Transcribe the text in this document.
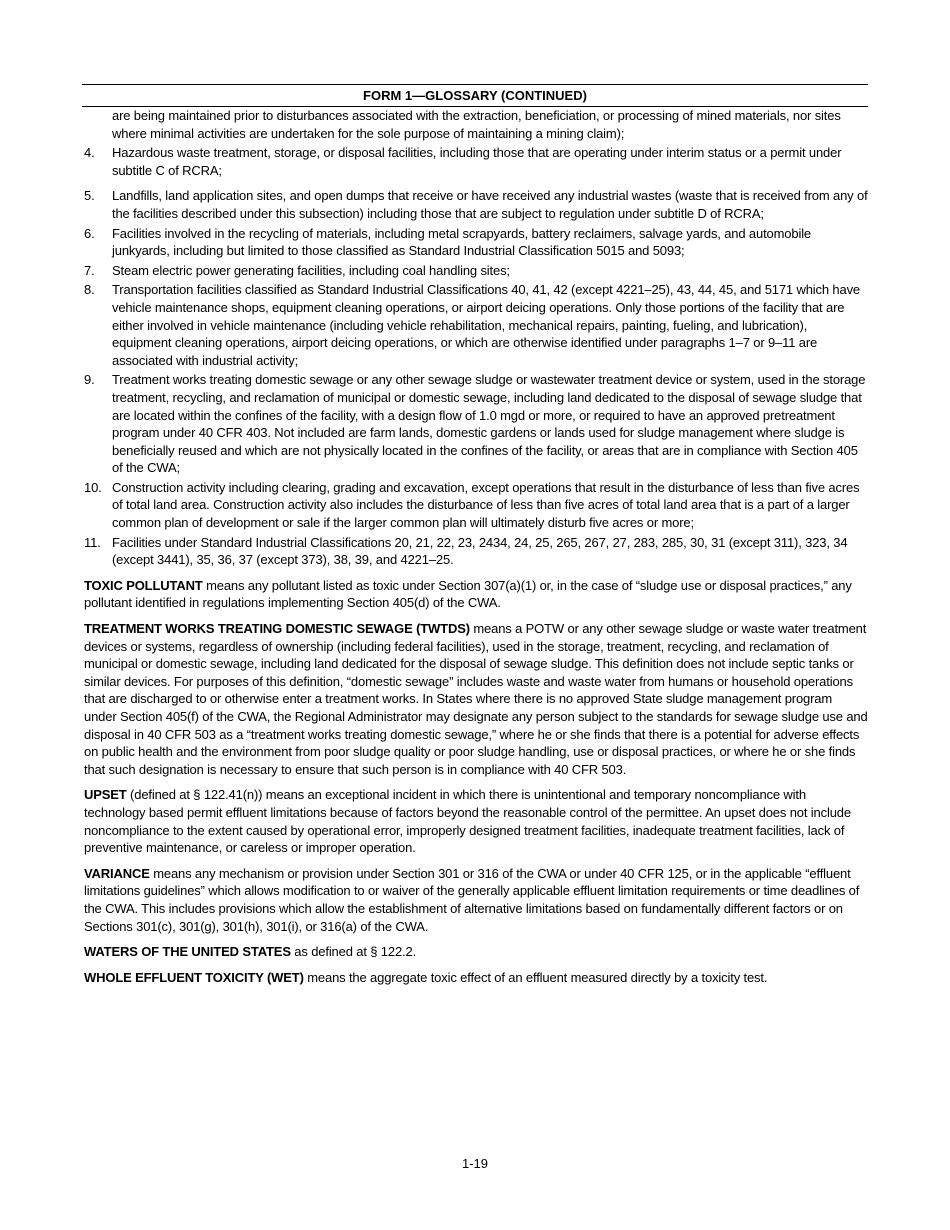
FORM 1—GLOSSARY (CONTINUED)

are being maintained prior to disturbances associated with the extraction, beneficiation, or processing of mined materials, nor sites where minimal activities are undertaken for the sole purpose of maintaining a mining claim);

4. Hazardous waste treatment, storage, or disposal facilities, including those that are operating under interim status or a permit under subtitle C of RCRA;
5. Landfills, land application sites, and open dumps that receive or have received any industrial wastes (waste that is received from any of the facilities described under this subsection) including those that are subject to regulation under subtitle D of RCRA;
6. Facilities involved in the recycling of materials, including metal scrapyards, battery reclaimers, salvage yards, and automobile junkyards, including but limited to those classified as Standard Industrial Classification 5015 and 5093;
7. Steam electric power generating facilities, including coal handling sites;
8. Transportation facilities classified as Standard Industrial Classifications 40, 41, 42 (except 4221–25), 43, 44, 45, and 5171 which have vehicle maintenance shops, equipment cleaning operations, or airport deicing operations. Only those portions of the facility that are either involved in vehicle maintenance (including vehicle rehabilitation, mechanical repairs, painting, fueling, and lubrication), equipment cleaning operations, airport deicing operations, or which are otherwise identified under paragraphs 1–7 or 9–11 are associated with industrial activity;
9. Treatment works treating domestic sewage or any other sewage sludge or wastewater treatment device or system, used in the storage treatment, recycling, and reclamation of municipal or domestic sewage, including land dedicated to the disposal of sewage sludge that are located within the confines of the facility, with a design flow of 1.0 mgd or more, or required to have an approved pretreatment program under 40 CFR 403. Not included are farm lands, domestic gardens or lands used for sludge management where sludge is beneficially reused and which are not physically located in the confines of the facility, or areas that are in compliance with Section 405 of the CWA;
10. Construction activity including clearing, grading and excavation, except operations that result in the disturbance of less than five acres of total land area. Construction activity also includes the disturbance of less than five acres of total land area that is a part of a larger common plan of development or sale if the larger common plan will ultimately disturb five acres or more;
11. Facilities under Standard Industrial Classifications 20, 21, 22, 23, 2434, 24, 25, 265, 267, 27, 283, 285, 30, 31 (except 311), 323, 34 (except 3441), 35, 36, 37 (except 373), 38, 39, and 4221–25.

TOXIC POLLUTANT means any pollutant listed as toxic under Section 307(a)(1) or, in the case of “sludge use or disposal practices,” any pollutant identified in regulations implementing Section 405(d) of the CWA.

TREATMENT WORKS TREATING DOMESTIC SEWAGE (TWTDS) means a POTW or any other sewage sludge or waste water treatment devices or systems, regardless of ownership (including federal facilities), used in the storage, treatment, recycling, and reclamation of municipal or domestic sewage, including land dedicated for the disposal of sewage sludge. This definition does not include septic tanks or similar devices. For purposes of this definition, “domestic sewage” includes waste and waste water from humans or household operations that are discharged to or otherwise enter a treatment works. In States where there is no approved State sludge management program under Section 405(f) of the CWA, the Regional Administrator may designate any person subject to the standards for sewage sludge use and disposal in 40 CFR 503 as a “treatment works treating domestic sewage,” where he or she finds that there is a potential for adverse effects on public health and the environment from poor sludge quality or poor sludge handling, use or disposal practices, or where he or she finds that such designation is necessary to ensure that such person is in compliance with 40 CFR 503.

UPSET (defined at § 122.41(n)) means an exceptional incident in which there is unintentional and temporary noncompliance with technology based permit effluent limitations because of factors beyond the reasonable control of the permittee. An upset does not include noncompliance to the extent caused by operational error, improperly designed treatment facilities, inadequate treatment facilities, lack of preventive maintenance, or careless or improper operation.

VARIANCE means any mechanism or provision under Section 301 or 316 of the CWA or under 40 CFR 125, or in the applicable “effluent limitations guidelines” which allows modification to or waiver of the generally applicable effluent limitation requirements or time deadlines of the CWA. This includes provisions which allow the establishment of alternative limitations based on fundamentally different factors or on Sections 301(c), 301(g), 301(h), 301(i), or 316(a) of the CWA.

WATERS OF THE UNITED STATES as defined at § 122.2.

WHOLE EFFLUENT TOXICITY (WET) means the aggregate toxic effect of an effluent measured directly by a toxicity test.

1-19
